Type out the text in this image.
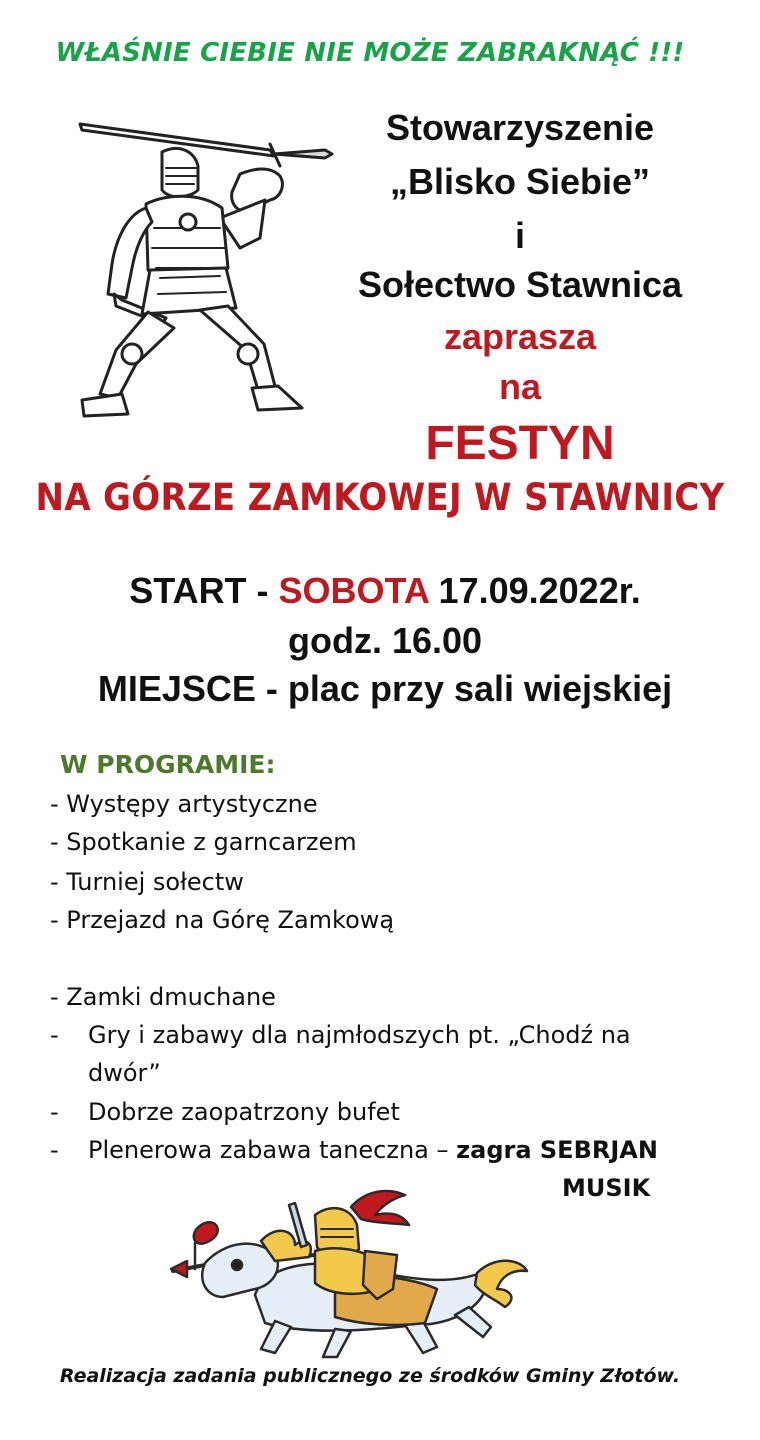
WŁAŚNIE CIEBIE NIE MOŻE ZABRAKNĄĆ !!!
Stowarzyszenie
„Blisko Siebie”
i
Sołectwo Stawnica
zaprasza
na
FESTYN
NA GÓRZE ZAMKOWEJ W STAWNICY
START - SOBOTA 17.09.2022r.
godz. 16.00
MIEJSCE - plac przy sali wiejskiej
W PROGRAMIE:
- Występy artystyczne
- Spotkanie z garncarzem
- Turniej sołectw
- Przejazd na Górę Zamkową
- Zamki dmuchane
- Gry i zabawy dla najmłodszych pt. „Chodź na
dwór”
- Dobrze zaopatrzony bufet
- Plenerowa zabawa taneczna – zagra SEBRJAN
MUSIK
Realizacja zadania publicznego ze środków Gminy Złotów.
